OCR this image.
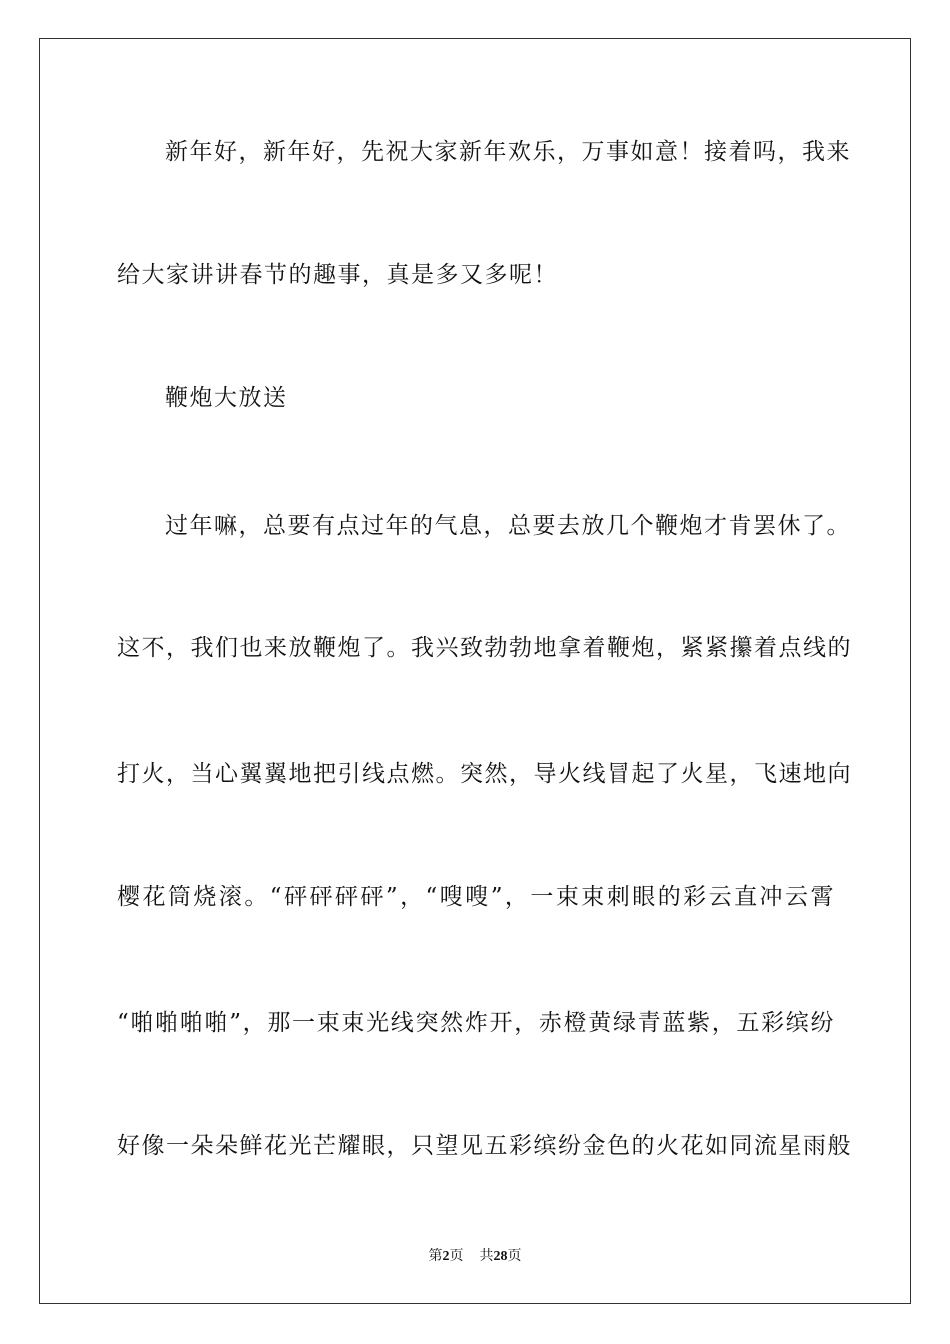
新年好，新年好，先祝大家新年欢乐，万事如意！接着吗，我来
给大家讲讲春节的趣事，真是多又多呢！
鞭炮大放送
过年嘛，总要有点过年的气息，总要去放几个鞭炮才肯罢休了。
这不，我们也来放鞭炮了。我兴致勃勃地拿着鞭炮，紧紧攥着点线的
打火，当心翼翼地把引线点燃。突然，导火线冒起了火星，飞速地向
樱花筒烧滚。“砰砰砰砰”，“嗖嗖”，一束束刺眼的彩云直冲云霄
“啪啪啪啪”，那一束束光线突然炸开，赤橙黄绿青蓝紫，五彩缤纷
好像一朵朵鲜花光芒耀眼，只望见五彩缤纷金色的火花如同流星雨般
第2页 共28页
